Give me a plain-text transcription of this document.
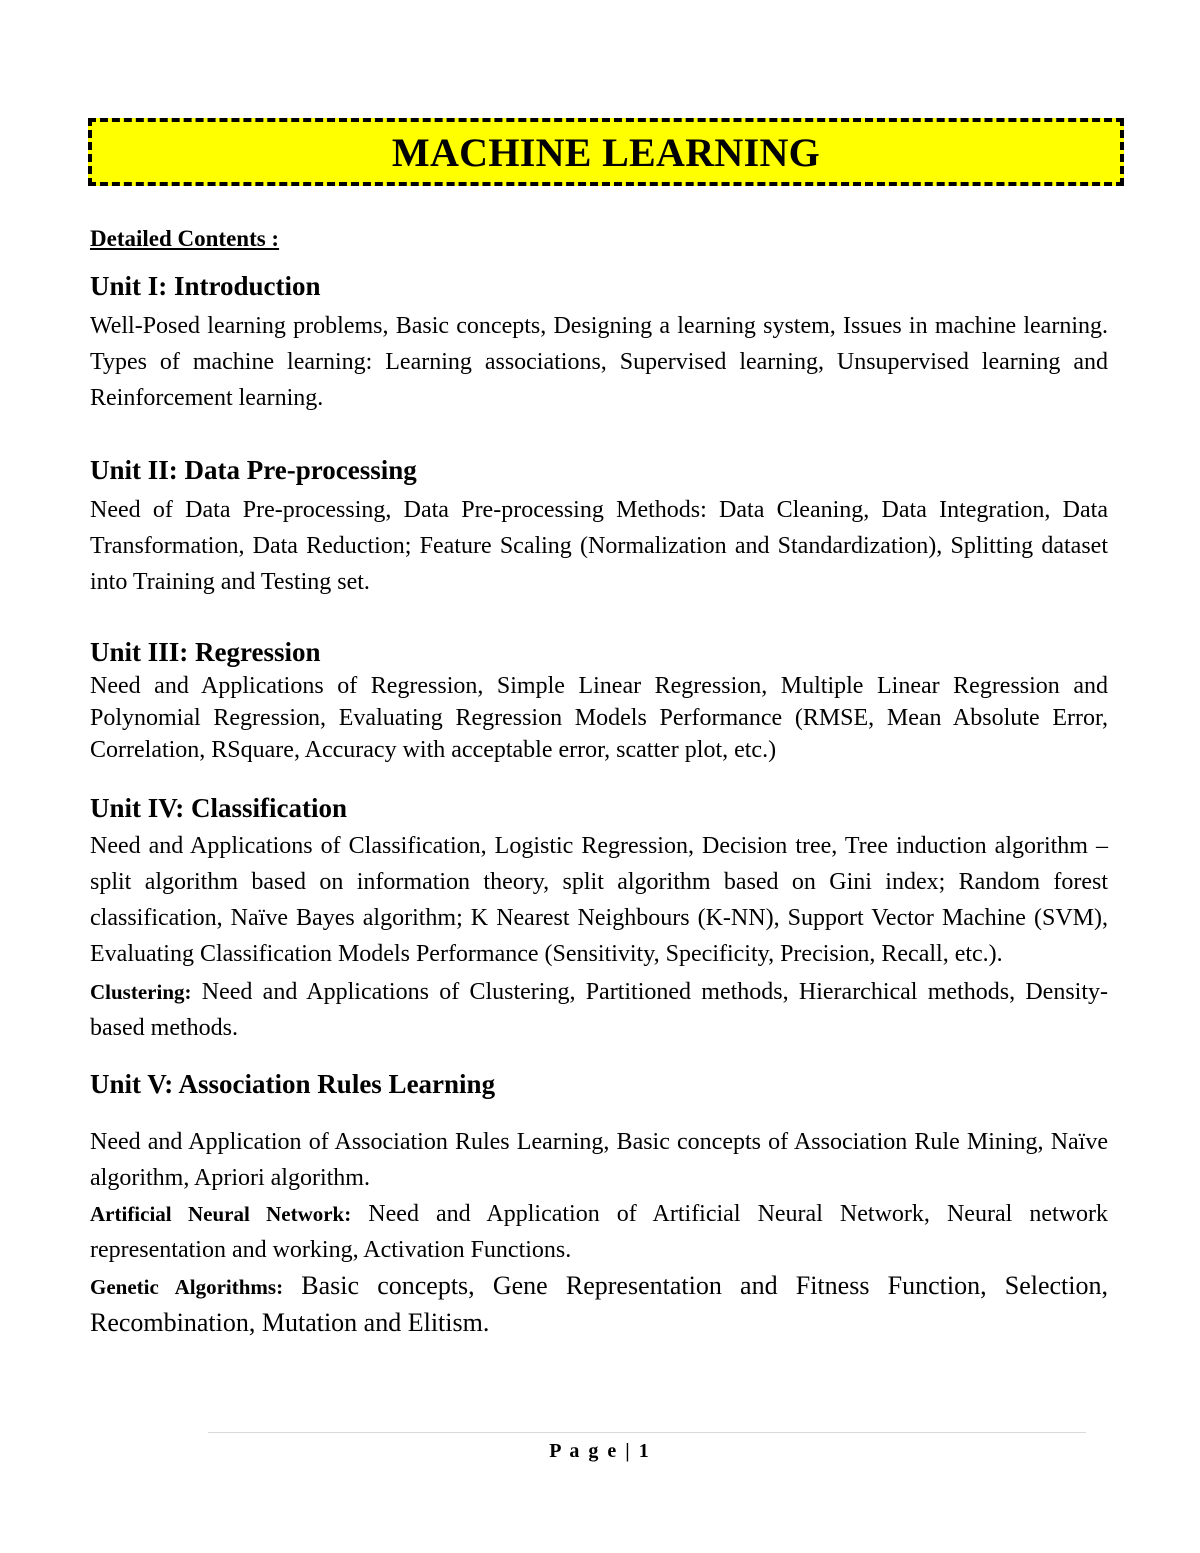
MACHINE LEARNING
Detailed Contents :
Unit I: Introduction

Well-Posed learning problems, Basic concepts, Designing a learning system, Issues in machine learning. Types of machine learning: Learning associations, Supervised learning, Unsupervised learning and Reinforcement learning.

Unit II: Data Pre-processing

Need of Data Pre-processing, Data Pre-processing Methods: Data Cleaning, Data Integration, Data Transformation, Data Reduction; Feature Scaling (Normalization and Standardization), Splitting dataset into Training and Testing set.

Unit III: Regression

Need and Applications of Regression, Simple Linear Regression, Multiple Linear Regression and Polynomial Regression, Evaluating Regression Models Performance (RMSE, Mean Absolute Error, Correlation, RSquare, Accuracy with acceptable error, scatter plot, etc.)

Unit IV: Classification

Need and Applications of Classification, Logistic Regression, Decision tree, Tree induction algorithm – split algorithm based on information theory, split algorithm based on Gini index; Random forest classification, Naïve Bayes algorithm; K Nearest Neighbours (K-NN), Support Vector Machine (SVM), Evaluating Classification Models Performance (Sensitivity, Specificity, Precision, Recall, etc.).

Clustering: Need and Applications of Clustering, Partitioned methods, Hierarchical methods, Density-based methods.

Unit V: Association Rules Learning

Need and Application of Association Rules Learning, Basic concepts of Association Rule Mining, Naïve algorithm, Apriori algorithm.

Artificial Neural Network: Need and Application of Artificial Neural Network, Neural network representation and working, Activation Functions.

Genetic Algorithms: Basic concepts, Gene Representation and Fitness Function, Selection, Recombination, Mutation and Elitism.

P a g e | 1
